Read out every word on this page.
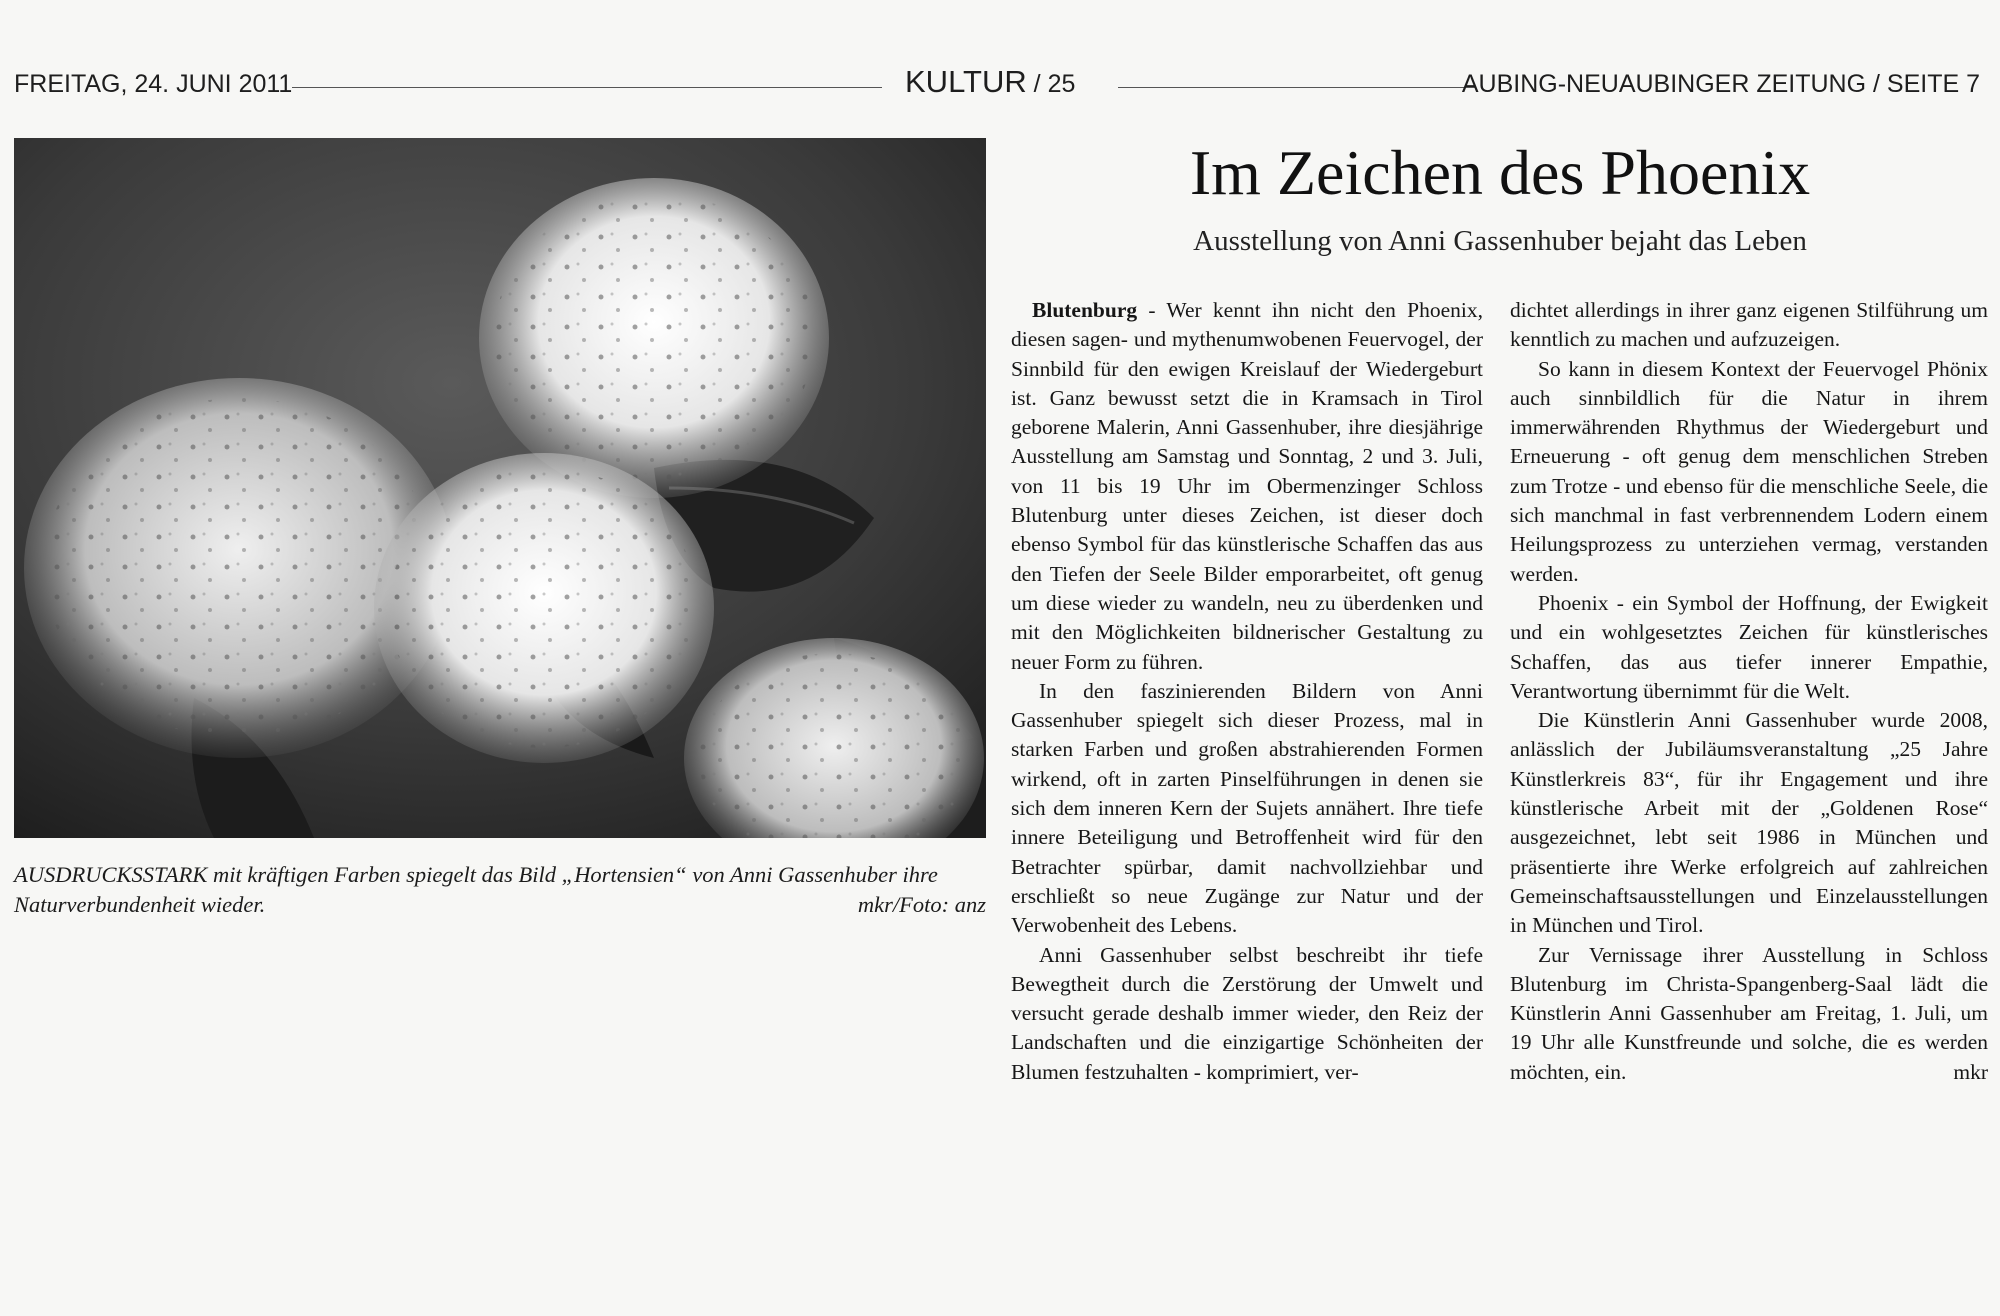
FREITAG, 24. JUNI 2011	KULTUR / 25	AUBING-NEUAUBINGER ZEITUNG / SEITE 7
AUSDRUCKSSTARK mit kräftigen Farben spiegelt das Bild „Hortensien“ von Anni Gassenhuber ihre Naturverbundenheit wieder.	mkr/Foto: anz
Im Zeichen des Phoenix
Ausstellung von Anni Gassenhuber bejaht das Leben

Blutenburg - Wer kennt ihn nicht den Phoenix, diesen sagen- und mythenumwobenen Feuervogel, der Sinnbild für den ewigen Kreislauf der Wiedergeburt ist. Ganz bewusst setzt die in Kramsach in Tirol geborene Malerin, Anni Gassenhuber, ihre diesjährige Ausstellung am Samstag und Sonntag, 2 und 3. Juli, von 11 bis 19 Uhr im Obermenzinger Schloss Blutenburg unter dieses Zeichen, ist dieser doch ebenso Symbol für das künstlerische Schaffen das aus den Tiefen der Seele Bilder emporarbeitet, oft genug um diese wieder zu wandeln, neu zu überdenken und mit den Möglichkeiten bildnerischer Gestaltung zu neuer Form zu führen.

In den faszinierenden Bildern von Anni Gassenhuber spiegelt sich dieser Prozess, mal in starken Farben und großen abstrahierenden Formen wirkend, oft in zarten Pinselführungen in denen sie sich dem inneren Kern der Sujets annähert. Ihre tiefe innere Beteiligung und Betroffenheit wird für den Betrachter spürbar, damit nachvollziehbar und erschließt so neue Zugänge zur Natur und der Verwobenheit des Lebens.

Anni Gassenhuber selbst beschreibt ihr tiefe Bewegtheit durch die Zerstörung der Umwelt und versucht gerade deshalb immer wieder, den Reiz der Landschaften und die einzigartige Schönheiten der Blumen festzuhalten - komprimiert, ver-

dichtet allerdings in ihrer ganz eigenen Stilführung um kenntlich zu machen und aufzuzeigen.

So kann in diesem Kontext der Feuervogel Phönix auch sinnbildlich für die Natur in ihrem immerwährenden Rhythmus der Wiedergeburt und Erneuerung - oft genug dem menschlichen Streben zum Trotze - und ebenso für die menschliche Seele, die sich manchmal in fast verbrennendem Lodern einem Heilungsprozess zu unterziehen vermag, verstanden werden.

Phoenix - ein Symbol der Hoffnung, der Ewigkeit und ein wohlgesetztes Zeichen für künstlerisches Schaffen, das aus tiefer innerer Empathie, Verantwortung übernimmt für die Welt.

Die Künstlerin Anni Gassenhuber wurde 2008, anlässlich der Jubiläumsveranstaltung „25 Jahre Künstlerkreis 83“, für ihr Engagement und ihre künstlerische Arbeit mit der „Goldenen Rose“ ausgezeichnet, lebt seit 1986 in München und präsentierte ihre Werke erfolgreich auf zahlreichen Gemeinschaftsausstellungen und Einzelausstellungen in München und Tirol.

Zur Vernissage ihrer Ausstellung in Schloss Blutenburg im Christa-Spangenberg-Saal lädt die Künstlerin Anni Gassenhuber am Freitag, 1. Juli, um 19 Uhr alle Kunstfreunde und solche, die es werden möchten, ein.	mkr
